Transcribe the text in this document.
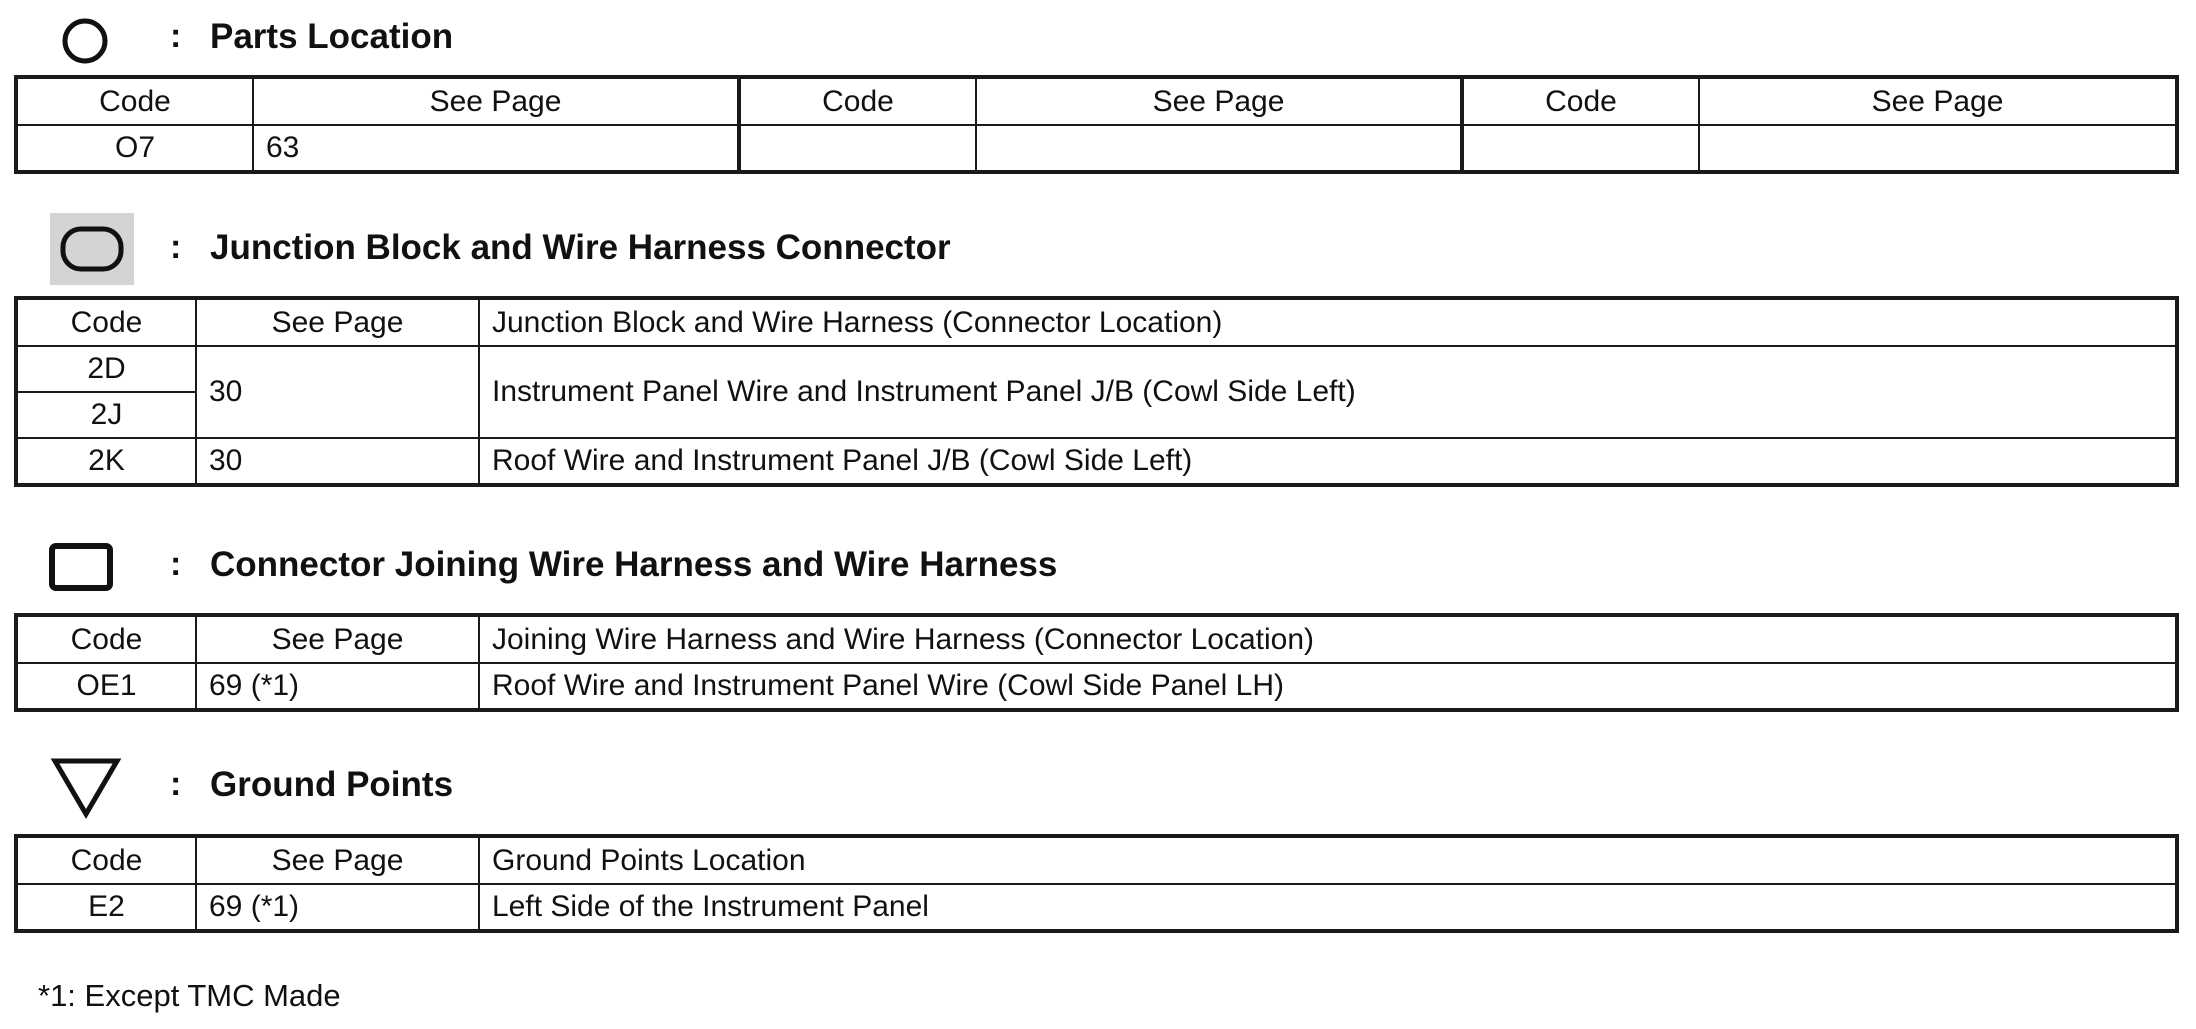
: Parts Location
Code	See Page	Code	See Page	Code	See Page
O7	63				
: Junction Block and Wire Harness Connector
Code	See Page	Junction Block and Wire Harness (Connector Location)
2D	30	Instrument Panel Wire and Instrument Panel J/B (Cowl Side Left)
2J		
2K	30	Roof Wire and Instrument Panel J/B (Cowl Side Left)
: Connector Joining Wire Harness and Wire Harness
Code	See Page	Joining Wire Harness and Wire Harness (Connector Location)
OE1	69 (*1)	Roof Wire and Instrument Panel Wire (Cowl Side Panel LH)
: Ground Points
Code	See Page	Ground Points Location
E2	69 (*1)	Left Side of the Instrument Panel
*1: Except TMC Made
